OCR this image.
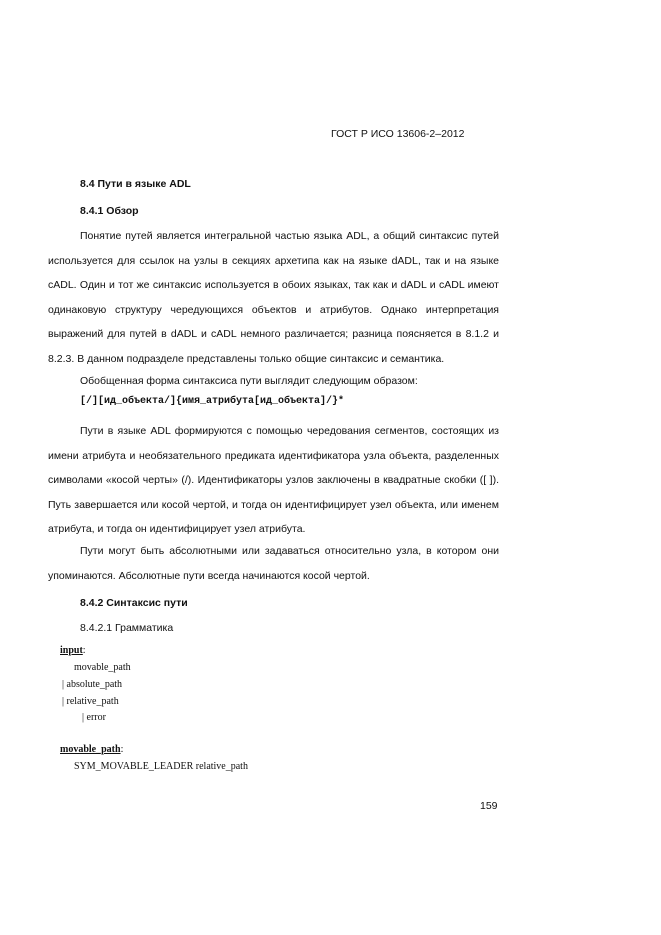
ГОСТ Р ИСО 13606-2–2012
8.4 Пути в языке ADL
8.4.1 Обзор
Понятие путей является интегральной частью языка ADL, а общий синтаксис путей используется для ссылок на узлы в секциях архетипа как на языке dADL, так и на языке cADL. Один и тот же синтаксис используется в обоих языках, так как и dADL и cADL имеют одинаковую структуру чередующихся объектов и атрибутов. Однако интерпретация выражений для путей в dADL и cADL немного различается; разница поясняется в 8.1.2 и 8.2.3. В данном подразделе представлены только общие синтаксис и семантика.
Обобщенная форма синтаксиса пути выглядит следующим образом:
[/][ид_объекта/]{имя_атрибута[ид_объекта]/}*
Пути в языке ADL формируются с помощью чередования сегментов, состоящих из имени атрибута и необязательного предиката идентификатора узла объекта, разделенных символами «косой черты» (/). Идентификаторы узлов заключены в квадратные скобки ([ ]). Путь завершается или косой чертой, и тогда он идентифицирует узел объекта, или именем атрибута, и тогда он идентифицирует узел атрибута.
Пути могут быть абсолютными или задаваться относительно узла, в котором они упоминаются. Абсолютные пути всегда начинаются косой чертой.
8.4.2 Синтаксис пути
8.4.2.1 Грамматика
input:
movable_path
| absolute_path
| relative_path
| error
movable_path:
SYM_MOVABLE_LEADER relative_path
159
